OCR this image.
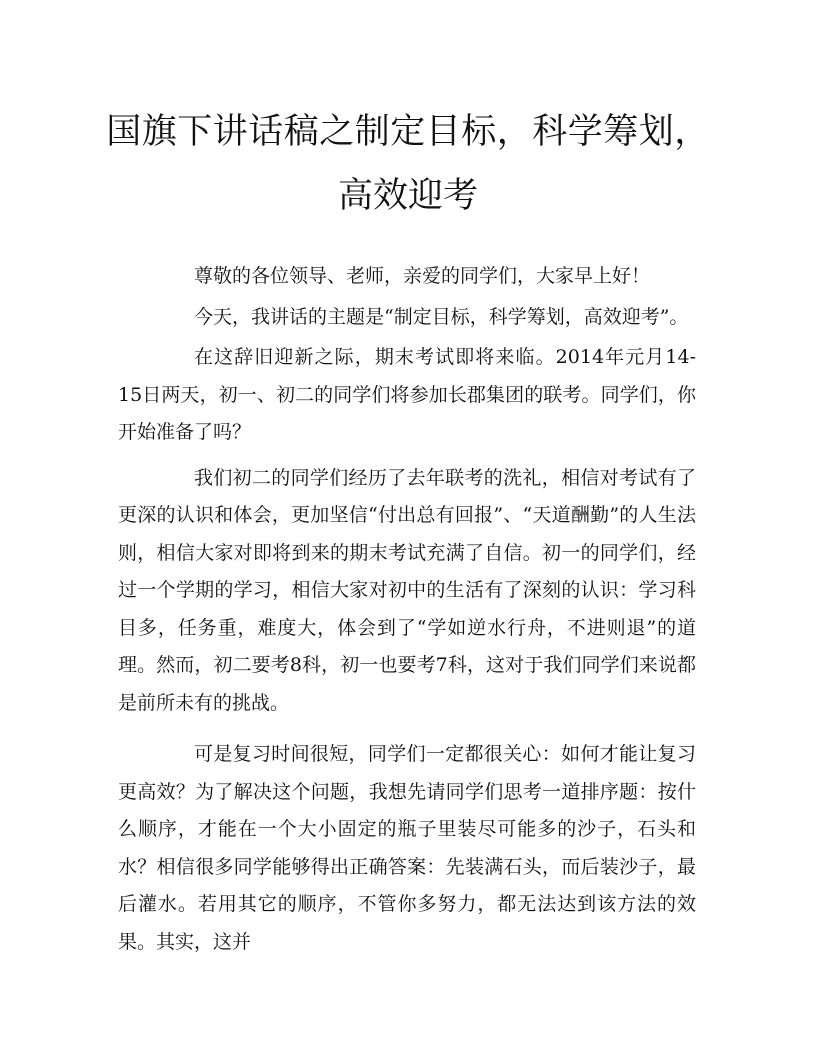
国旗下讲话稿之制定目标，科学筹划，
高效迎考

尊敬的各位领导、老师，亲爱的同学们，大家早上好！

今天，我讲话的主题是“制定目标，科学筹划，高效迎考”。

在这辞旧迎新之际，期末考试即将来临。2014年元月14-15日两天，初一、初二的同学们将参加长郡集团的联考。同学们，你开始准备了吗？

我们初二的同学们经历了去年联考的洗礼，相信对考试有了更深的认识和体会，更加坚信“付出总有回报”、“天道酬勤”的人生法则，相信大家对即将到来的期末考试充满了自信。初一的同学们，经过一个学期的学习，相信大家对初中的生活有了深刻的认识：学习科目多，任务重，难度大，体会到了“学如逆水行舟，不进则退”的道理。然而，初二要考8科，初一也要考7科，这对于我们同学们来说都是前所未有的挑战。

可是复习时间很短，同学们一定都很关心：如何才能让复习更高效？为了解决这个问题，我想先请同学们思考一道排序题：按什么顺序，才能在一个大小固定的瓶子里装尽可能多的沙子，石头和水？相信很多同学能够得出正确答案：先装满石头，而后装沙子，最后灌水。若用其它的顺序，不管你多努力，都无法达到该方法的效果。其实，这并
